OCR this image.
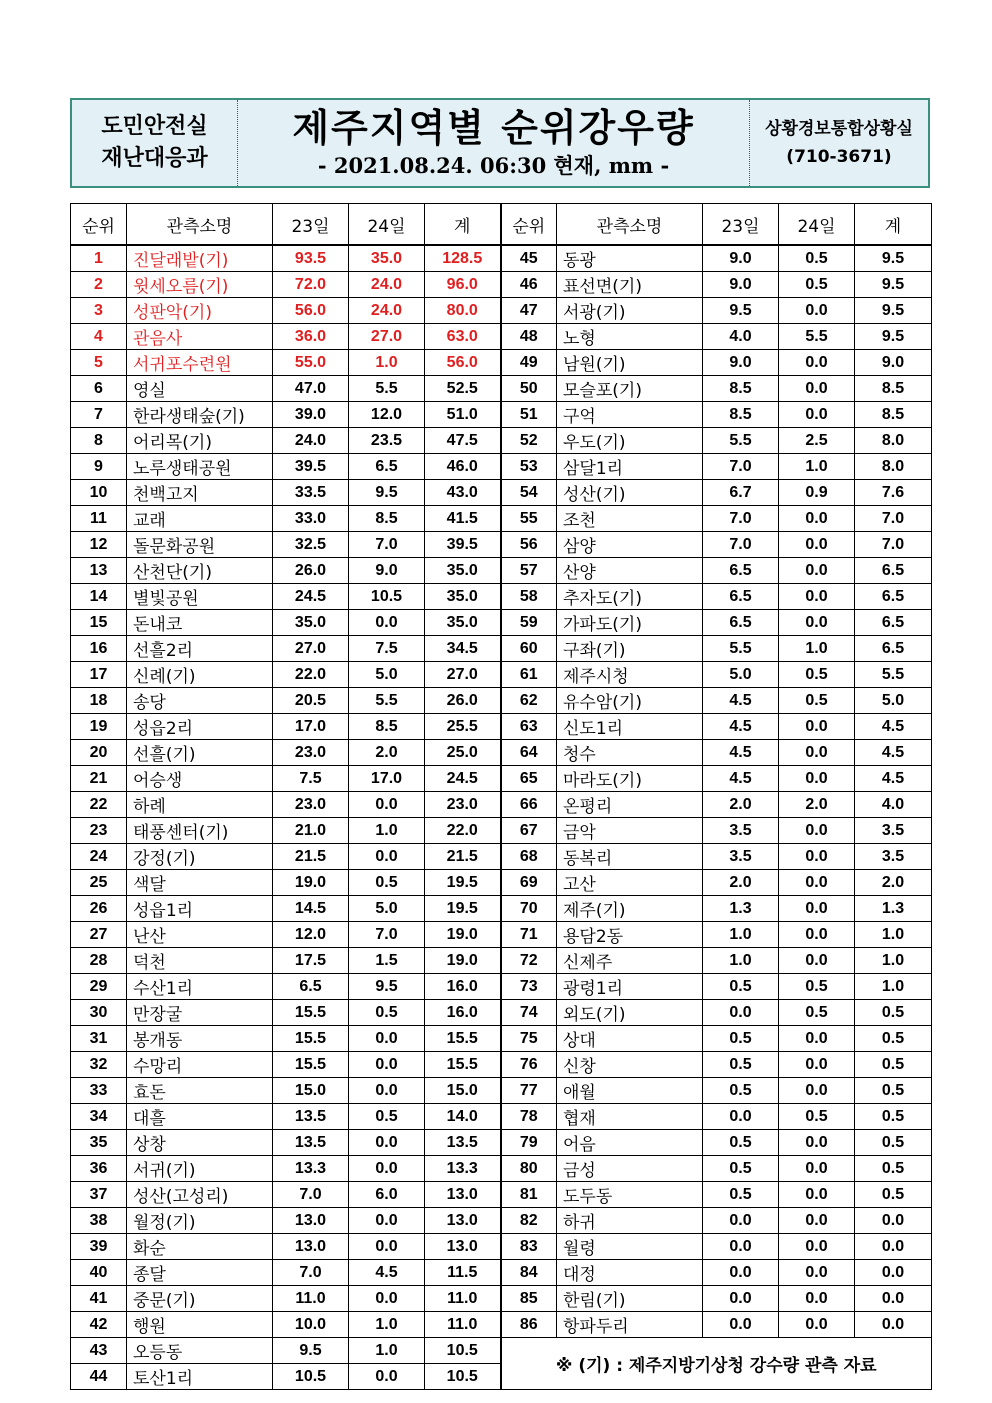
도민안전실
재난대응과
제주지역별 순위강우량
- 2021.08.24. 06:30 현재, mm -
상황경보통합상황실
(710-3671)
순위	관측소명	23일	24일	계	순위	관측소명	23일	24일	계
1	진달래밭(기)	93.5	35.0	128.5	45	동광	9.0	0.5	9.5
2	윗세오름(기)	72.0	24.0	96.0	46	표선면(기)	9.0	0.5	9.5
3	성판악(기)	56.0	24.0	80.0	47	서광(기)	9.5	0.0	9.5
4	관음사	36.0	27.0	63.0	48	노형	4.0	5.5	9.5
5	서귀포수련원	55.0	1.0	56.0	49	남원(기)	9.0	0.0	9.0
6	영실	47.0	5.5	52.5	50	모슬포(기)	8.5	0.0	8.5
7	한라생태숲(기)	39.0	12.0	51.0	51	구억	8.5	0.0	8.5
8	어리목(기)	24.0	23.5	47.5	52	우도(기)	5.5	2.5	8.0
9	노루생태공원	39.5	6.5	46.0	53	삼달1리	7.0	1.0	8.0
10	천백고지	33.5	9.5	43.0	54	성산(기)	6.7	0.9	7.6
11	교래	33.0	8.5	41.5	55	조천	7.0	0.0	7.0
12	돌문화공원	32.5	7.0	39.5	56	삼양	7.0	0.0	7.0
13	산천단(기)	26.0	9.0	35.0	57	산양	6.5	0.0	6.5
14	별빛공원	24.5	10.5	35.0	58	추자도(기)	6.5	0.0	6.5
15	돈내코	35.0	0.0	35.0	59	가파도(기)	6.5	0.0	6.5
16	선흘2리	27.0	7.5	34.5	60	구좌(기)	5.5	1.0	6.5
17	신례(기)	22.0	5.0	27.0	61	제주시청	5.0	0.5	5.5
18	송당	20.5	5.5	26.0	62	유수암(기)	4.5	0.5	5.0
19	성읍2리	17.0	8.5	25.5	63	신도1리	4.5	0.0	4.5
20	선흘(기)	23.0	2.0	25.0	64	청수	4.5	0.0	4.5
21	어승생	7.5	17.0	24.5	65	마라도(기)	4.5	0.0	4.5
22	하례	23.0	0.0	23.0	66	온평리	2.0	2.0	4.0
23	태풍센터(기)	21.0	1.0	22.0	67	금악	3.5	0.0	3.5
24	강정(기)	21.5	0.0	21.5	68	동복리	3.5	0.0	3.5
25	색달	19.0	0.5	19.5	69	고산	2.0	0.0	2.0
26	성읍1리	14.5	5.0	19.5	70	제주(기)	1.3	0.0	1.3
27	난산	12.0	7.0	19.0	71	용담2동	1.0	0.0	1.0
28	덕천	17.5	1.5	19.0	72	신제주	1.0	0.0	1.0
29	수산1리	6.5	9.5	16.0	73	광령1리	0.5	0.5	1.0
30	만장굴	15.5	0.5	16.0	74	외도(기)	0.0	0.5	0.5
31	봉개동	15.5	0.0	15.5	75	상대	0.5	0.0	0.5
32	수망리	15.5	0.0	15.5	76	신창	0.5	0.0	0.5
33	효돈	15.0	0.0	15.0	77	애월	0.5	0.0	0.5
34	대흘	13.5	0.5	14.0	78	협재	0.0	0.5	0.5
35	상창	13.5	0.0	13.5	79	어음	0.5	0.0	0.5
36	서귀(기)	13.3	0.0	13.3	80	금성	0.5	0.0	0.5
37	성산(고성리)	7.0	6.0	13.0	81	도두동	0.5	0.0	0.5
38	월정(기)	13.0	0.0	13.0	82	하귀	0.0	0.0	0.0
39	화순	13.0	0.0	13.0	83	월령	0.0	0.0	0.0
40	종달	7.0	4.5	11.5	84	대정	0.0	0.0	0.0
41	중문(기)	11.0	0.0	11.0	85	한림(기)	0.0	0.0	0.0
42	행원	10.0	1.0	11.0	86	항파두리	0.0	0.0	0.0
43	오등동	9.5	1.0	10.5	※ (기) : 제주지방기상청 강수량 관측 자료				
44	토산1리	10.5	0.0	10.5					
